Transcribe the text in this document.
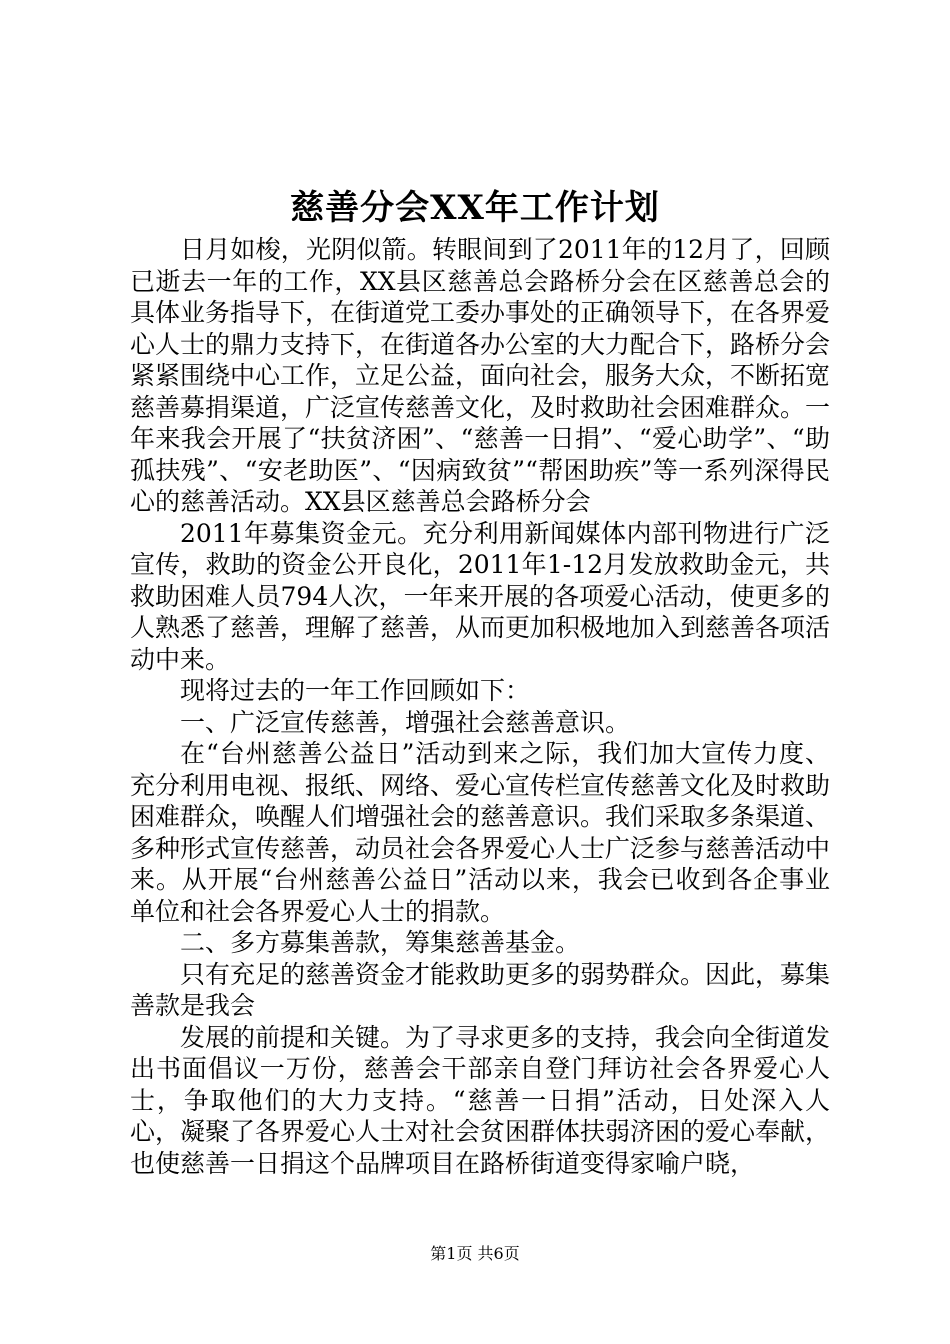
慈善分会XX年工作计划

日月如梭，光阴似箭。转眼间到了2011年的12月了，回顾已逝去一年的工作，XX县区慈善总会路桥分会在区慈善总会的具体业务指导下，在街道党工委办事处的正确领导下，在各界爱心人士的鼎力支持下，在街道各办公室的大力配合下，路桥分会紧紧围绕中心工作，立足公益，面向社会，服务大众，不断拓宽慈善募捐渠道，广泛宣传慈善文化，及时救助社会困难群众。一年来我会开展了“扶贫济困”、“慈善一日捐”、“爱心助学”、“助孤扶残”、“安老助医”、“因病致贫”“帮困助疾”等一系列深得民心的慈善活动。XX县区慈善总会路桥分会

2011年募集资金元。充分利用新闻媒体内部刊物进行广泛宣传，救助的资金公开良化，2011年1-12月发放救助金元，共救助困难人员794人次，一年来开展的各项爱心活动，使更多的人熟悉了慈善，理解了慈善，从而更加积极地加入到慈善各项活动中来。

现将过去的一年工作回顾如下：

一、广泛宣传慈善，增强社会慈善意识。

在“台州慈善公益日”活动到来之际，我们加大宣传力度、充分利用电视、报纸、网络、爱心宣传栏宣传慈善文化及时救助困难群众，唤醒人们增强社会的慈善意识。我们采取多条渠道、多种形式宣传慈善，动员社会各界爱心人士广泛参与慈善活动中来。从开展“台州慈善公益日”活动以来，我会已收到各企事业单位和社会各界爱心人士的捐款。

二、多方募集善款，筹集慈善基金。

只有充足的慈善资金才能救助更多的弱势群众。因此，募集善款是我会

发展的前提和关键。为了寻求更多的支持，我会向全街道发出书面倡议一万份，慈善会干部亲自登门拜访社会各界爱心人士，争取他们的大力支持。“慈善一日捐”活动，日处深入人心，凝聚了各界爱心人士对社会贫困群体扶弱济困的爱心奉献，也使慈善一日捐这个品牌项目在路桥街道变得家喻户晓，

第1页 共6页
